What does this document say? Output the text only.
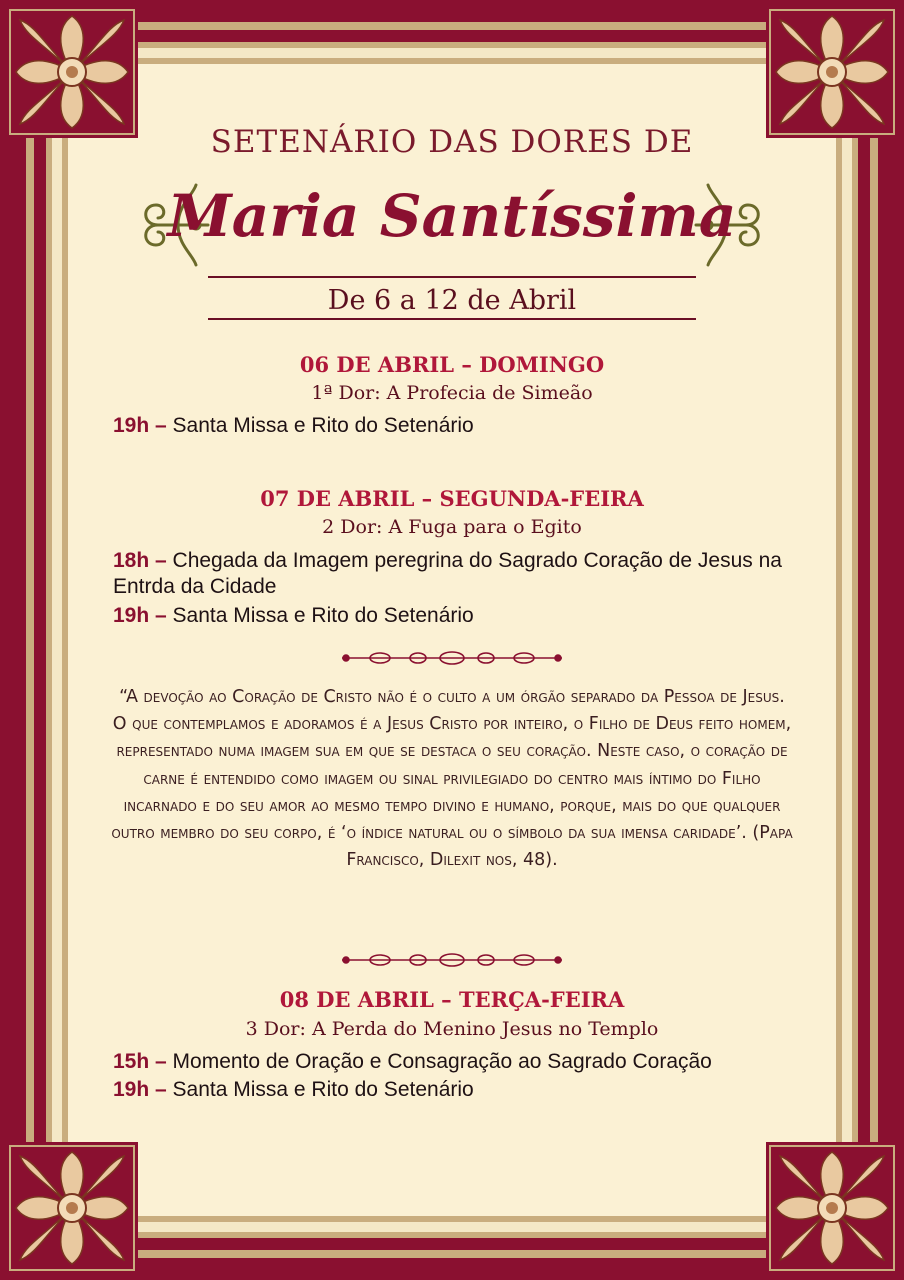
SETENÁRIO DAS DORES DE
Maria Santíssima
De 6 a 12 de Abril
06 DE ABRIL – DOMINGO
1ª Dor: A Profecia de Simeão
19h – Santa Missa e Rito do Setenário
07 DE ABRIL – SEGUNDA-FEIRA
2 Dor: A Fuga para o Egito
18h – Chegada da Imagem peregrina do Sagrado Coração de Jesus na Entrda da Cidade
19h – Santa Missa e Rito do Setenário
“A devoção ao Coração de Cristo não é o culto a um órgão separado da Pessoa de Jesus. O que contemplamos e adoramos é a Jesus Cristo por inteiro, o Filho de Deus feito homem, representado numa imagem sua em que se destaca o seu coração. Neste caso, o coração de carne é entendido como imagem ou sinal privilegiado do centro mais íntimo do Filho incarnado e do seu amor ao mesmo tempo divino e humano, porque, mais do que qualquer outro membro do seu corpo, é ‘o índice natural ou o símbolo da sua imensa caridade’. (Papa Francisco, Dilexit nos, 48).
08 DE ABRIL – TERÇA-FEIRA
3 Dor: A Perda do Menino Jesus no Templo
15h – Momento de Oração e Consagração ao Sagrado Coração
19h – Santa Missa e Rito do Setenário
